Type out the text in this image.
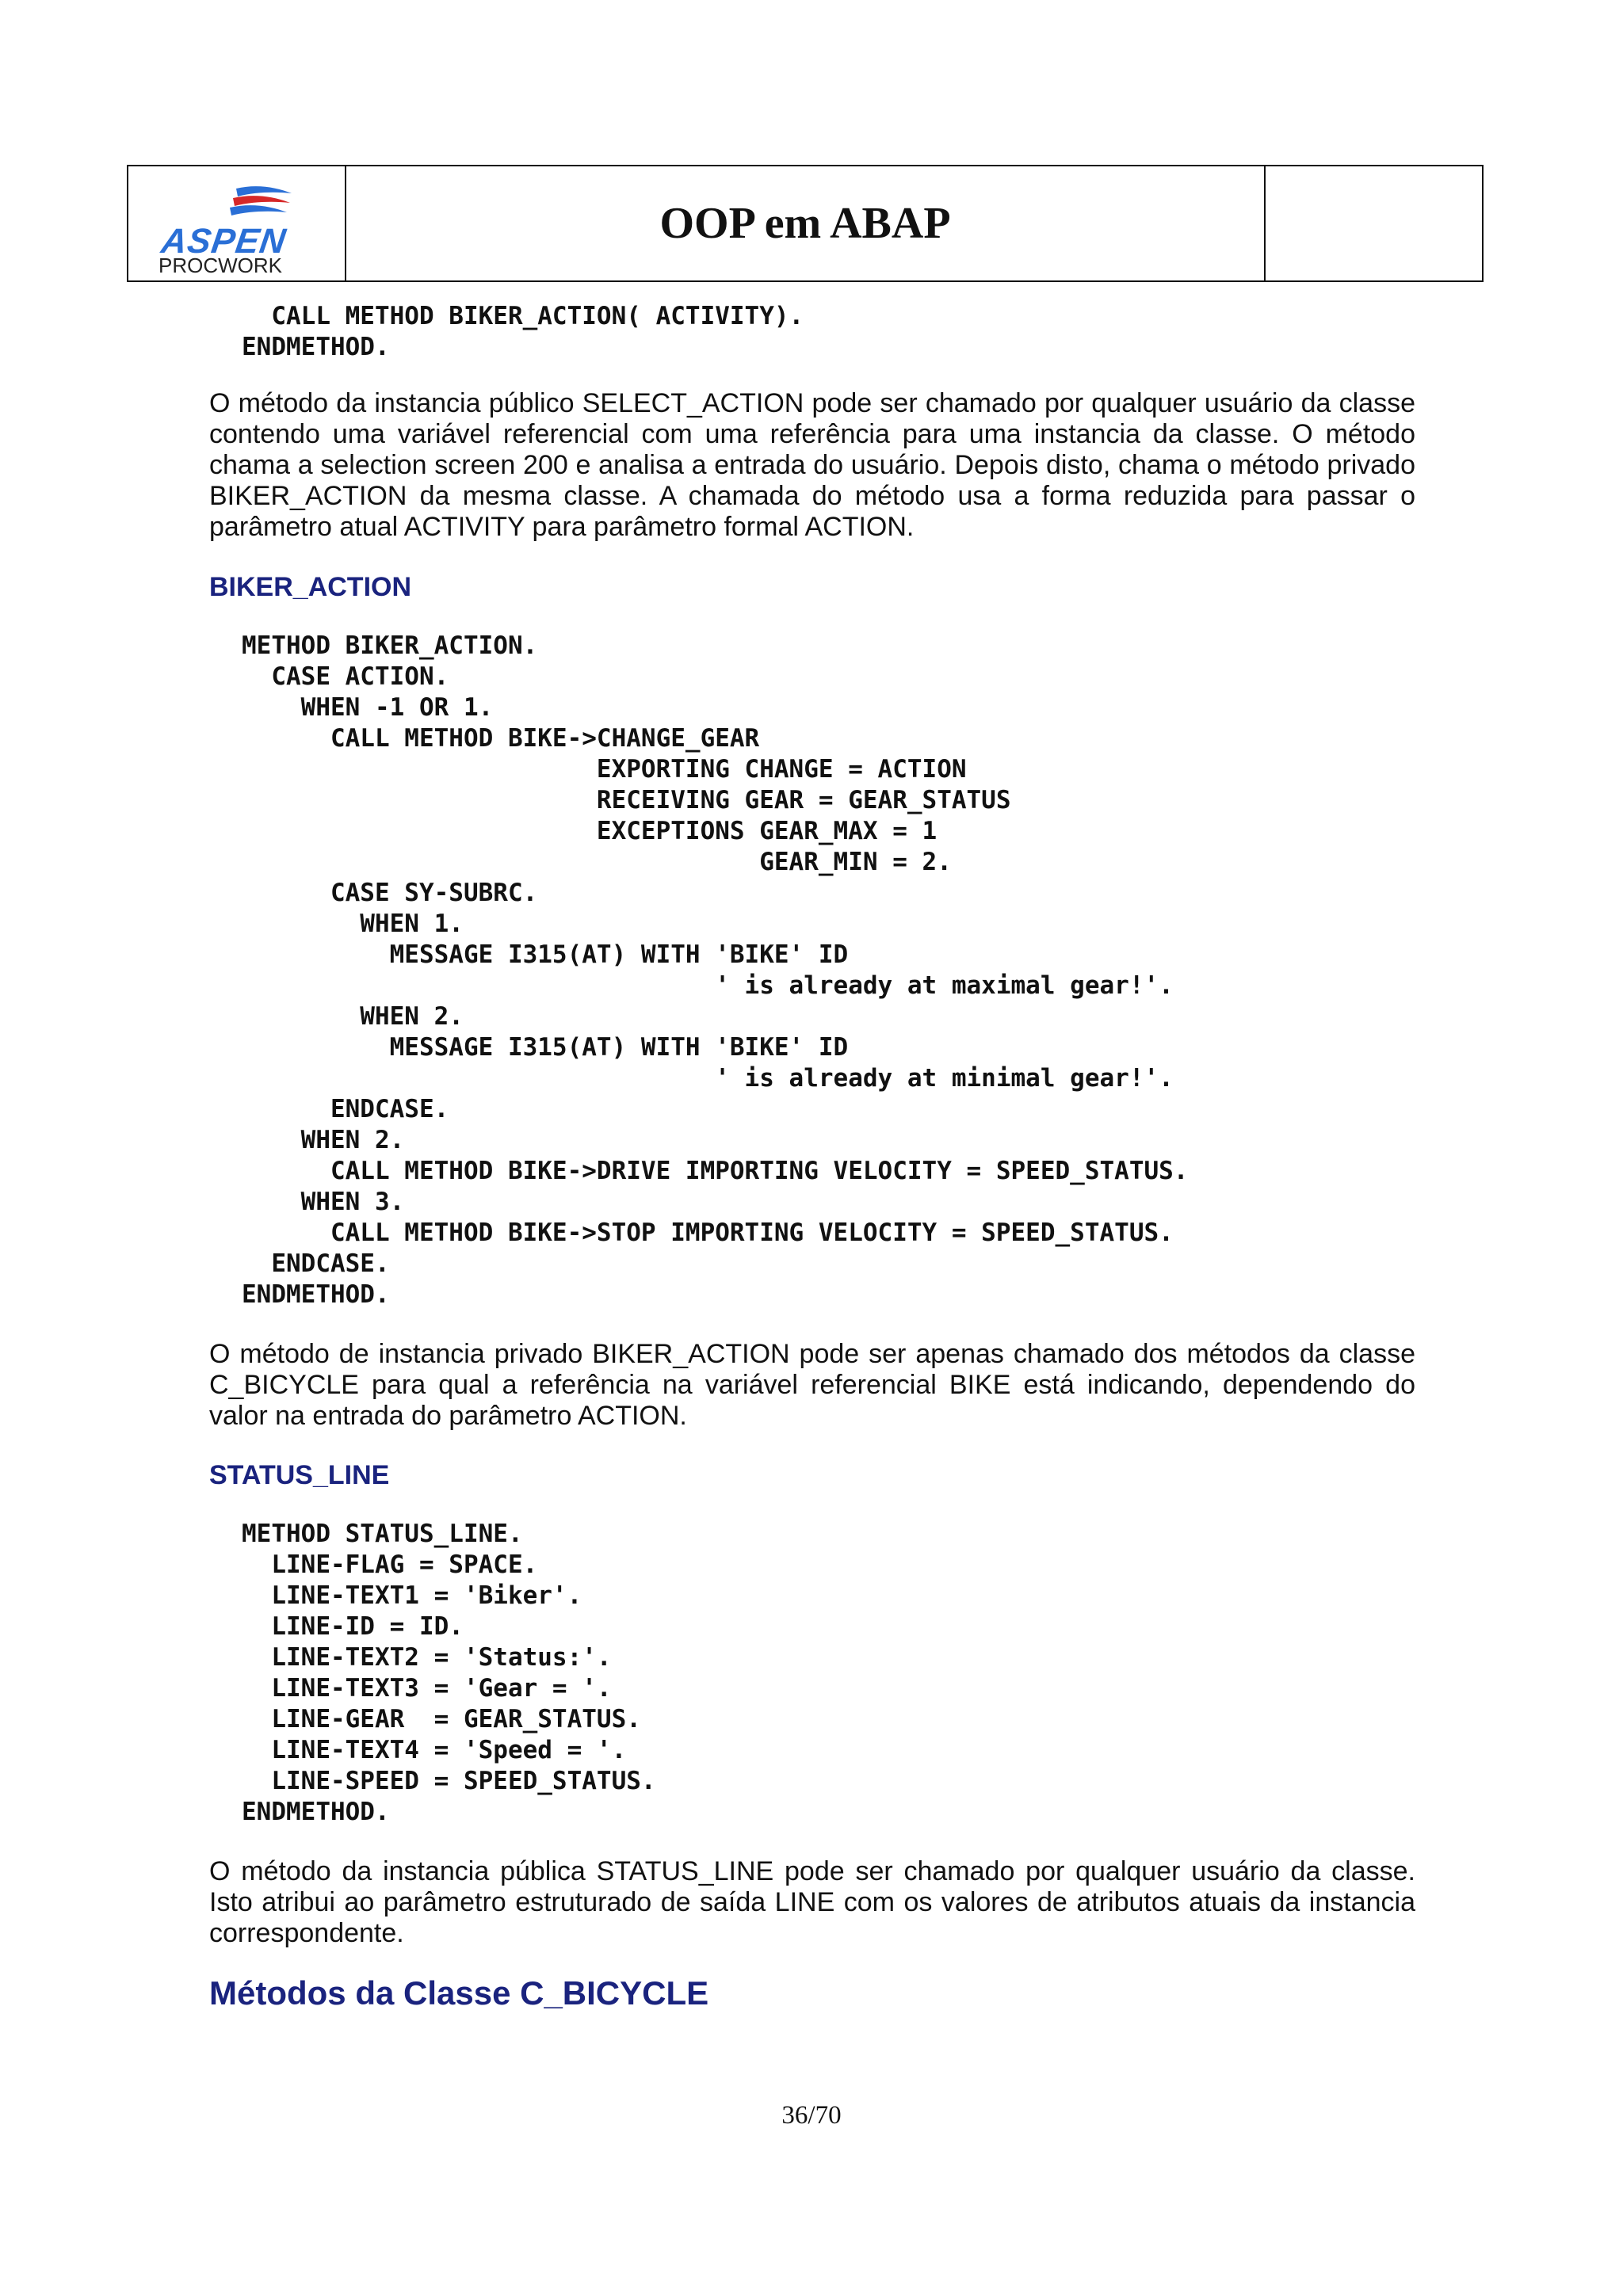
ASPEN
PROCWORK
OOP em ABAP
CALL METHOD BIKER_ACTION( ACTIVITY).
ENDMETHOD.

O método da instancia público SELECT_ACTION pode ser chamado por qualquer usuário da classe contendo uma variável referencial com uma referência para uma instancia da classe. O método chama a selection screen 200 e analisa a entrada do usuário. Depois disto, chama o método privado BIKER_ACTION da mesma classe. A chamada do método usa a forma reduzida para passar o parâmetro atual ACTIVITY para parâmetro formal ACTION.

BIKER_ACTION
METHOD BIKER_ACTION.
CASE ACTION.
WHEN -1 OR 1.
CALL METHOD BIKE->CHANGE_GEAR
EXPORTING CHANGE = ACTION
RECEIVING GEAR = GEAR_STATUS
EXCEPTIONS GEAR_MAX = 1
GEAR_MIN = 2.
CASE SY-SUBRC.
WHEN 1.
MESSAGE I315(AT) WITH 'BIKE' ID
' is already at maximal gear!'.
WHEN 2.
MESSAGE I315(AT) WITH 'BIKE' ID
' is already at minimal gear!'.
ENDCASE.
WHEN 2.
CALL METHOD BIKE->DRIVE IMPORTING VELOCITY = SPEED_STATUS.
WHEN 3.
CALL METHOD BIKE->STOP IMPORTING VELOCITY = SPEED_STATUS.
ENDCASE.
ENDMETHOD.

O método de instancia privado BIKER_ACTION pode ser apenas chamado dos métodos da classe C_BICYCLE para qual a referência na variável referencial BIKE está indicando, dependendo do valor na entrada do parâmetro ACTION.

STATUS_LINE
METHOD STATUS_LINE.
LINE-FLAG = SPACE.
LINE-TEXT1 = 'Biker'.
LINE-ID = ID.
LINE-TEXT2 = 'Status:'.
LINE-TEXT3 = 'Gear = '.
LINE-GEAR  = GEAR_STATUS.
LINE-TEXT4 = 'Speed = '.
LINE-SPEED = SPEED_STATUS.
ENDMETHOD.

O método da instancia pública STATUS_LINE pode ser chamado por qualquer usuário da classe. Isto atribui ao parâmetro estruturado de saída LINE com os valores de atributos atuais da instancia correspondente.

Métodos da Classe C_BICYCLE
36/70
